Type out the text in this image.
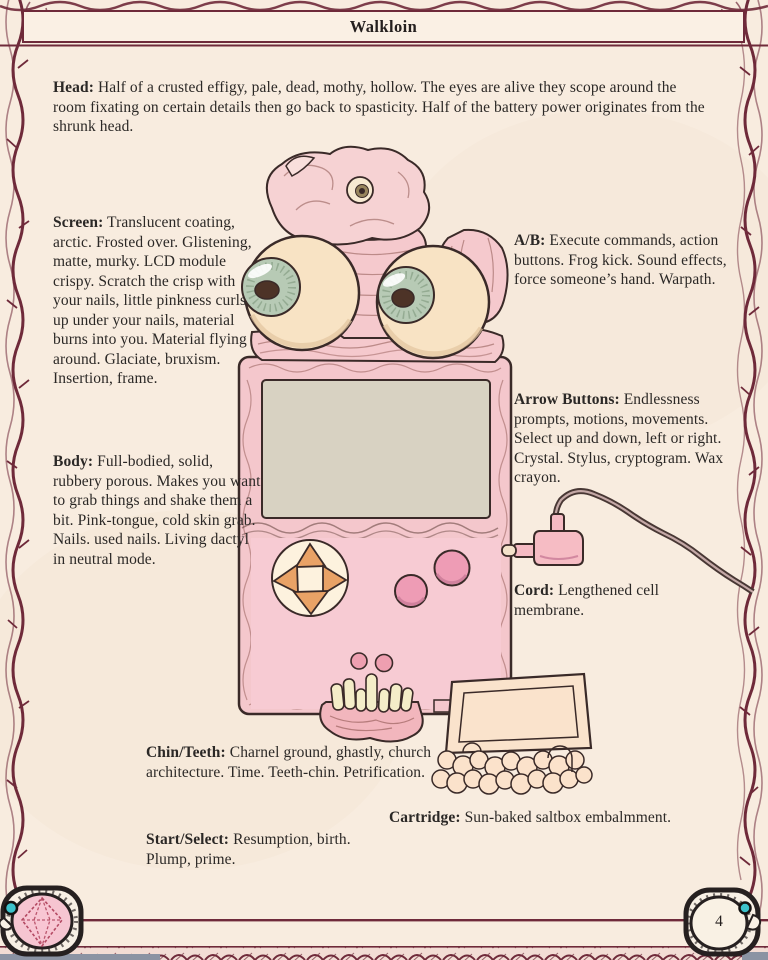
Walkloin
Head: Half of a crusted effigy, pale, dead, mothy, hollow. The eyes are alive they scope around the room fixating on certain details then go back to spasticity. Half of the battery power originates from the shrunk head.
Screen: Translucent coating, arctic. Frosted over. Glistening, matte, murky. LCD module crispy. Scratch the crisp with your nails, little pinkness curls up under your nails, material burns into you. Material flying around. Glaciate, bruxism. Insertion, frame.
Body: Full-bodied, solid, rubbery porous. Makes you want to grab things and shake them a bit. Pink-tongue, cold skin grab. Nails. used nails. Living dactyl in neutral mode.
A/B: Execute commands, action buttons. Frog kick. Sound effects, force someone’s hand. Warpath.
Arrow Buttons: Endlessness prompts, motions, movements. Select up and down, left or right. Crystal. Stylus, cryptogram. Wax crayon.
Cord: Lengthened cell membrane.
Chin/Teeth: Charnel ground, ghastly, church architecture. Time. Teeth-chin. Petrification.
Cartridge: Sun-baked saltbox embalmment.
Start/Select: Resumption, birth. Plump, prime.
4
